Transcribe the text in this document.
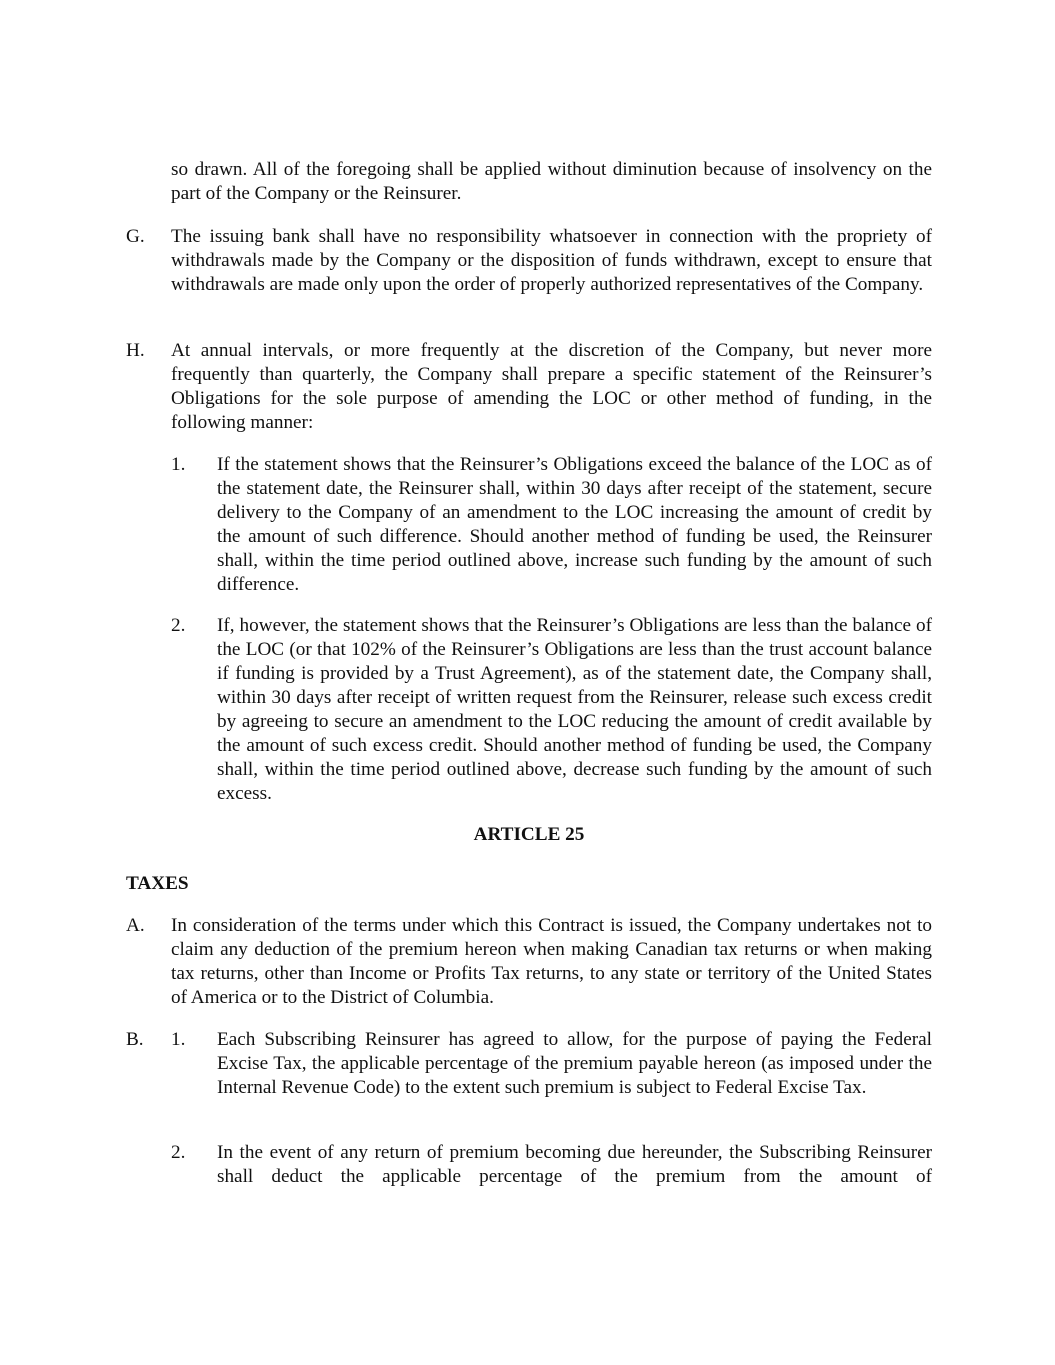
so drawn. All of the foregoing shall be applied without diminution because of insolvency on the part of the Company or the Reinsurer.

G. The issuing bank shall have no responsibility whatsoever in connection with the propriety of withdrawals made by the Company or the disposition of funds withdrawn, except to ensure that withdrawals are made only upon the order of properly authorized representatives of the Company.

H. At annual intervals, or more frequently at the discretion of the Company, but never more frequently than quarterly, the Company shall prepare a specific statement of the Reinsurer’s Obligations for the sole purpose of amending the LOC or other method of funding, in the following manner:

1. If the statement shows that the Reinsurer’s Obligations exceed the balance of the LOC as of the statement date, the Reinsurer shall, within 30 days after receipt of the statement, secure delivery to the Company of an amendment to the LOC increasing the amount of credit by the amount of such difference. Should another method of funding be used, the Reinsurer shall, within the time period outlined above, increase such funding by the amount of such difference.

2. If, however, the statement shows that the Reinsurer’s Obligations are less than the balance of the LOC (or that 102% of the Reinsurer’s Obligations are less than the trust account balance if funding is provided by a Trust Agreement), as of the statement date, the Company shall, within 30 days after receipt of written request from the Reinsurer, release such excess credit by agreeing to secure an amendment to the LOC reducing the amount of credit available by the amount of such excess credit. Should another method of funding be used, the Company shall, within the time period outlined above, decrease such funding by the amount of such excess.

ARTICLE 25

TAXES

A. In consideration of the terms under which this Contract is issued, the Company undertakes not to claim any deduction of the premium hereon when making Canadian tax returns or when making tax returns, other than Income or Profits Tax returns, to any state or territory of the United States of America or to the District of Columbia.

B. 1. Each Subscribing Reinsurer has agreed to allow, for the purpose of paying the Federal Excise Tax, the applicable percentage of the premium payable hereon (as imposed under the Internal Revenue Code) to the extent such premium is subject to Federal Excise Tax.

2. In the event of any return of premium becoming due hereunder, the Subscribing Reinsurer shall deduct the applicable percentage of the premium from the amount of
